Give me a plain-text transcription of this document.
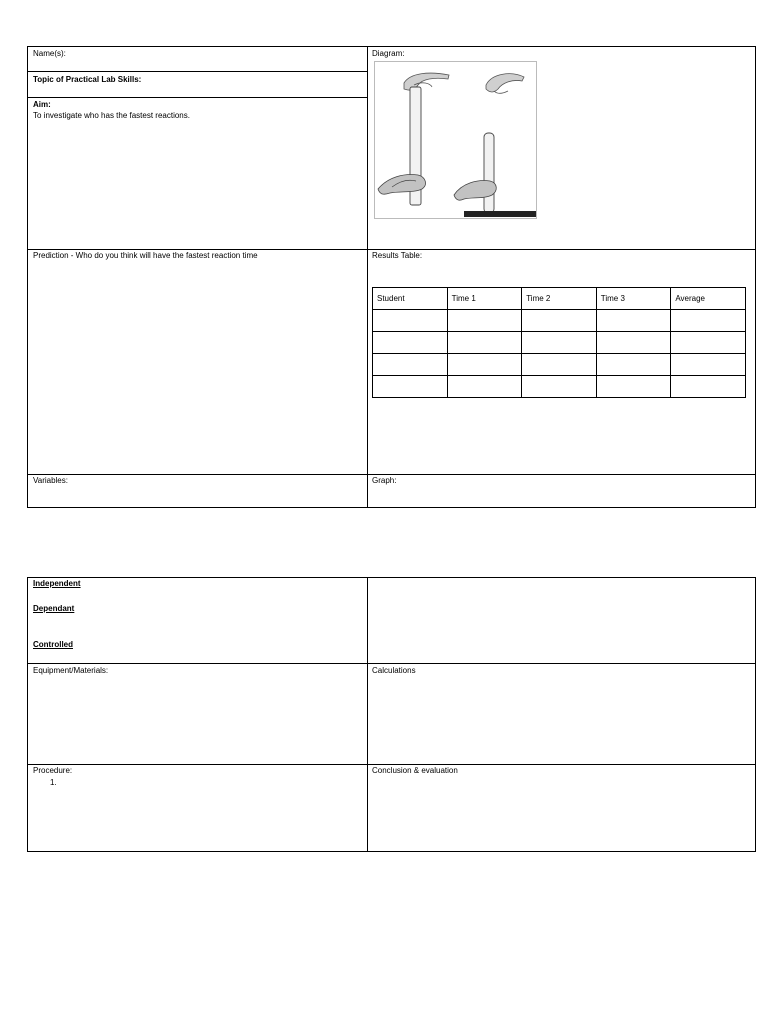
Name(s):
Topic of Practical Lab Skills:
Aim:
To investigate who has the fastest reactions.
Diagram:
Prediction - Who do you think will have the fastest reaction time	Results Table:
Student	Time 1	Time 2	Time 3	Average

Variables:	Graph:
Independent
Dependant
Controlled
Equipment/Materials:	Calculations
Procedure:
1.
Conclusion & evaluation
